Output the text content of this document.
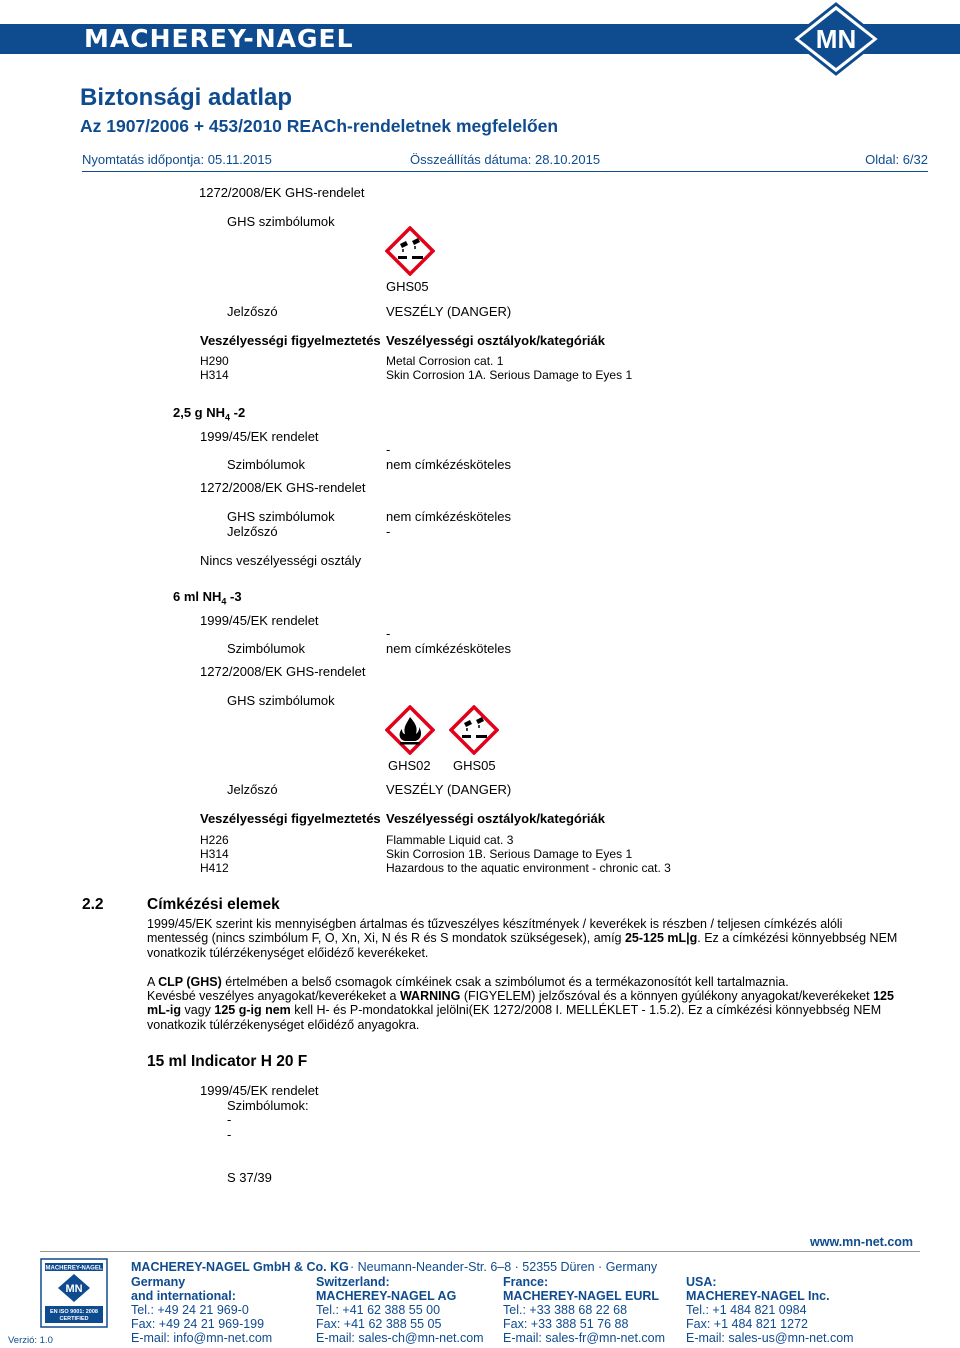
MACHEREY-NAGEL	MN
Biztonsági adatlap
Az 1907/2006 + 453/2010 REACh-rendeletnek megfelelően
Nyomtatás időpontja: 05.11.2015	Összeállítás dátuma: 28.10.2015	Oldal: 6/32
1272/2008/EK GHS-rendelet
GHS szimbólumok
GHS05
Jelzőszó	VESZÉLY (DANGER)
Veszélyességi figyelmeztetés Veszélyességi osztályok/kategóriák
H290	Metal Corrosion cat. 1
H314	Skin Corrosion 1A. Serious Damage to Eyes 1
2,5 g $NH_4$ -2
1999/45/EK rendelet
-
Szimbólumok	nem címkézésköteles
1272/2008/EK GHS-rendelet
GHS szimbólumok	nem címkézésköteles
Jelzőszó	-
Nincs veszélyességi osztály
6 ml $NH_4$ -3
1999/45/EK rendelet
-
Szimbólumok	nem címkézésköteles
1272/2008/EK GHS-rendelet
GHS szimbólumok
GHS02 GHS05
Jelzőszó	VESZÉLY (DANGER)
Veszélyességi figyelmeztetés Veszélyességi osztályok/kategóriák
H226	Flammable Liquid cat. 3
H314	Skin Corrosion 1B. Serious Damage to Eyes 1
H412	Hazardous to the aquatic environment - chronic cat. 3
2.2	Címkézési elemek
1999/45/EK szerint kis mennyiségben ártalmas és tűzveszélyes készítmények / keverékek is részben / teljesen címkézés alóli mentesség (nincs szimbólum F, O, Xn, Xi, N és R és S mondatok szükségesek), amíg 25-125 mL|g. Ez a címkézési könnyebbség NEM vonatkozik túlérzékenységet előidéző keverékeket.
A CLP (GHS) értelmében a belső csomagok címkéinek csak a szimbólumot és a termékazonosítót kell tartalmaznia.
Kevésbé veszélyes anyagokat/keverékeket a WARNING (FIGYELEM) jelzőszóval és a könnyen gyúlékony anyagokat/keverékeket 125 mL-ig vagy 125 g-ig nem kell H- és P-mondatokkal jelölni(EK 1272/2008 I. MELLÉKLET - 1.5.2). Ez a címkézési könnyebbség NEM vonatkozik túlérzékenységet előidéző anyagokra.
15 ml Indicator H 20 F
1999/45/EK rendelet
Szimbólumok:
-
-
S 37/39
MACHEREY-NAGEL
MN
EN ISO 9001: 2008
CERTIFIED
Verzió: 1.0
MACHEREY-NAGEL GmbH & Co. KG · Neumann-Neander-Str. 6–8 · 52355 Düren · Germany
www.mn-net.com
Germany
and international:
Tel.: +49 24 21 969-0
Fax: +49 24 21 969-199
E-mail: info@mn-net.com
Switzerland:
MACHEREY-NAGEL AG
Tel.: +41 62 388 55 00
Fax: +41 62 388 55 05
E-mail: sales-ch@mn-net.com
France:
MACHEREY-NAGEL EURL
Tel.: +33 388 68 22 68
Fax: +33 388 51 76 88
E-mail: sales-fr@mn-net.com
USA:
MACHEREY-NAGEL Inc.
Tel.: +1 484 821 0984
Fax: +1 484 821 1272
E-mail: sales-us@mn-net.com
